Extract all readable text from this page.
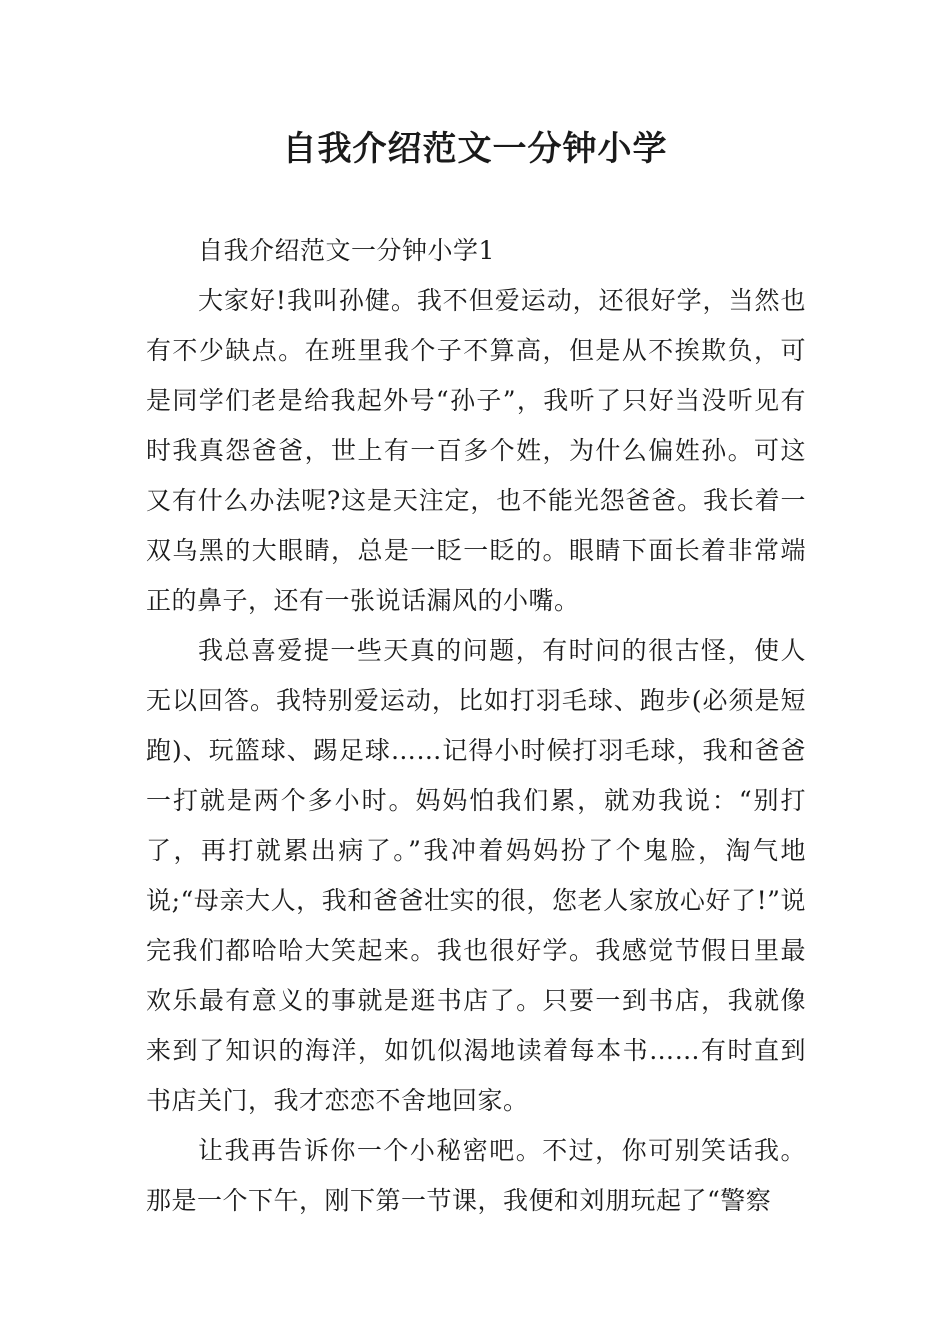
自我介绍范文一分钟小学

自我介绍范文一分钟小学1

大家好!我叫孙健。我不但爱运动，还很好学，当然也有不少缺点。在班里我个子不算高，但是从不挨欺负，可是同学们老是给我起外号“孙子”，我听了只好当没听见有时我真怨爸爸，世上有一百多个姓，为什么偏姓孙。可这又有什么办法呢?这是天注定，也不能光怨爸爸。我长着一双乌黑的大眼睛，总是一眨一眨的。眼睛下面长着非常端正的鼻子，还有一张说话漏风的小嘴。

我总喜爱提一些天真的问题，有时问的很古怪，使人无以回答。我特别爱运动，比如打羽毛球、跑步(必须是短跑)、玩篮球、踢足球……记得小时候打羽毛球，我和爸爸一打就是两个多小时。妈妈怕我们累，就劝我说：“别打了，再打就累出病了。”我冲着妈妈扮了个鬼脸，淘气地说;“母亲大人，我和爸爸壮实的很，您老人家放心好了!”说完我们都哈哈大笑起来。我也很好学。我感觉节假日里最欢乐最有意义的事就是逛书店了。只要一到书店，我就像来到了知识的海洋，如饥似渴地读着每本书……有时直到书店关门，我才恋恋不舍地回家。

让我再告诉你一个小秘密吧。不过，你可别笑话我。那是一个下午，刚下第一节课，我便和刘朋玩起了“警察
